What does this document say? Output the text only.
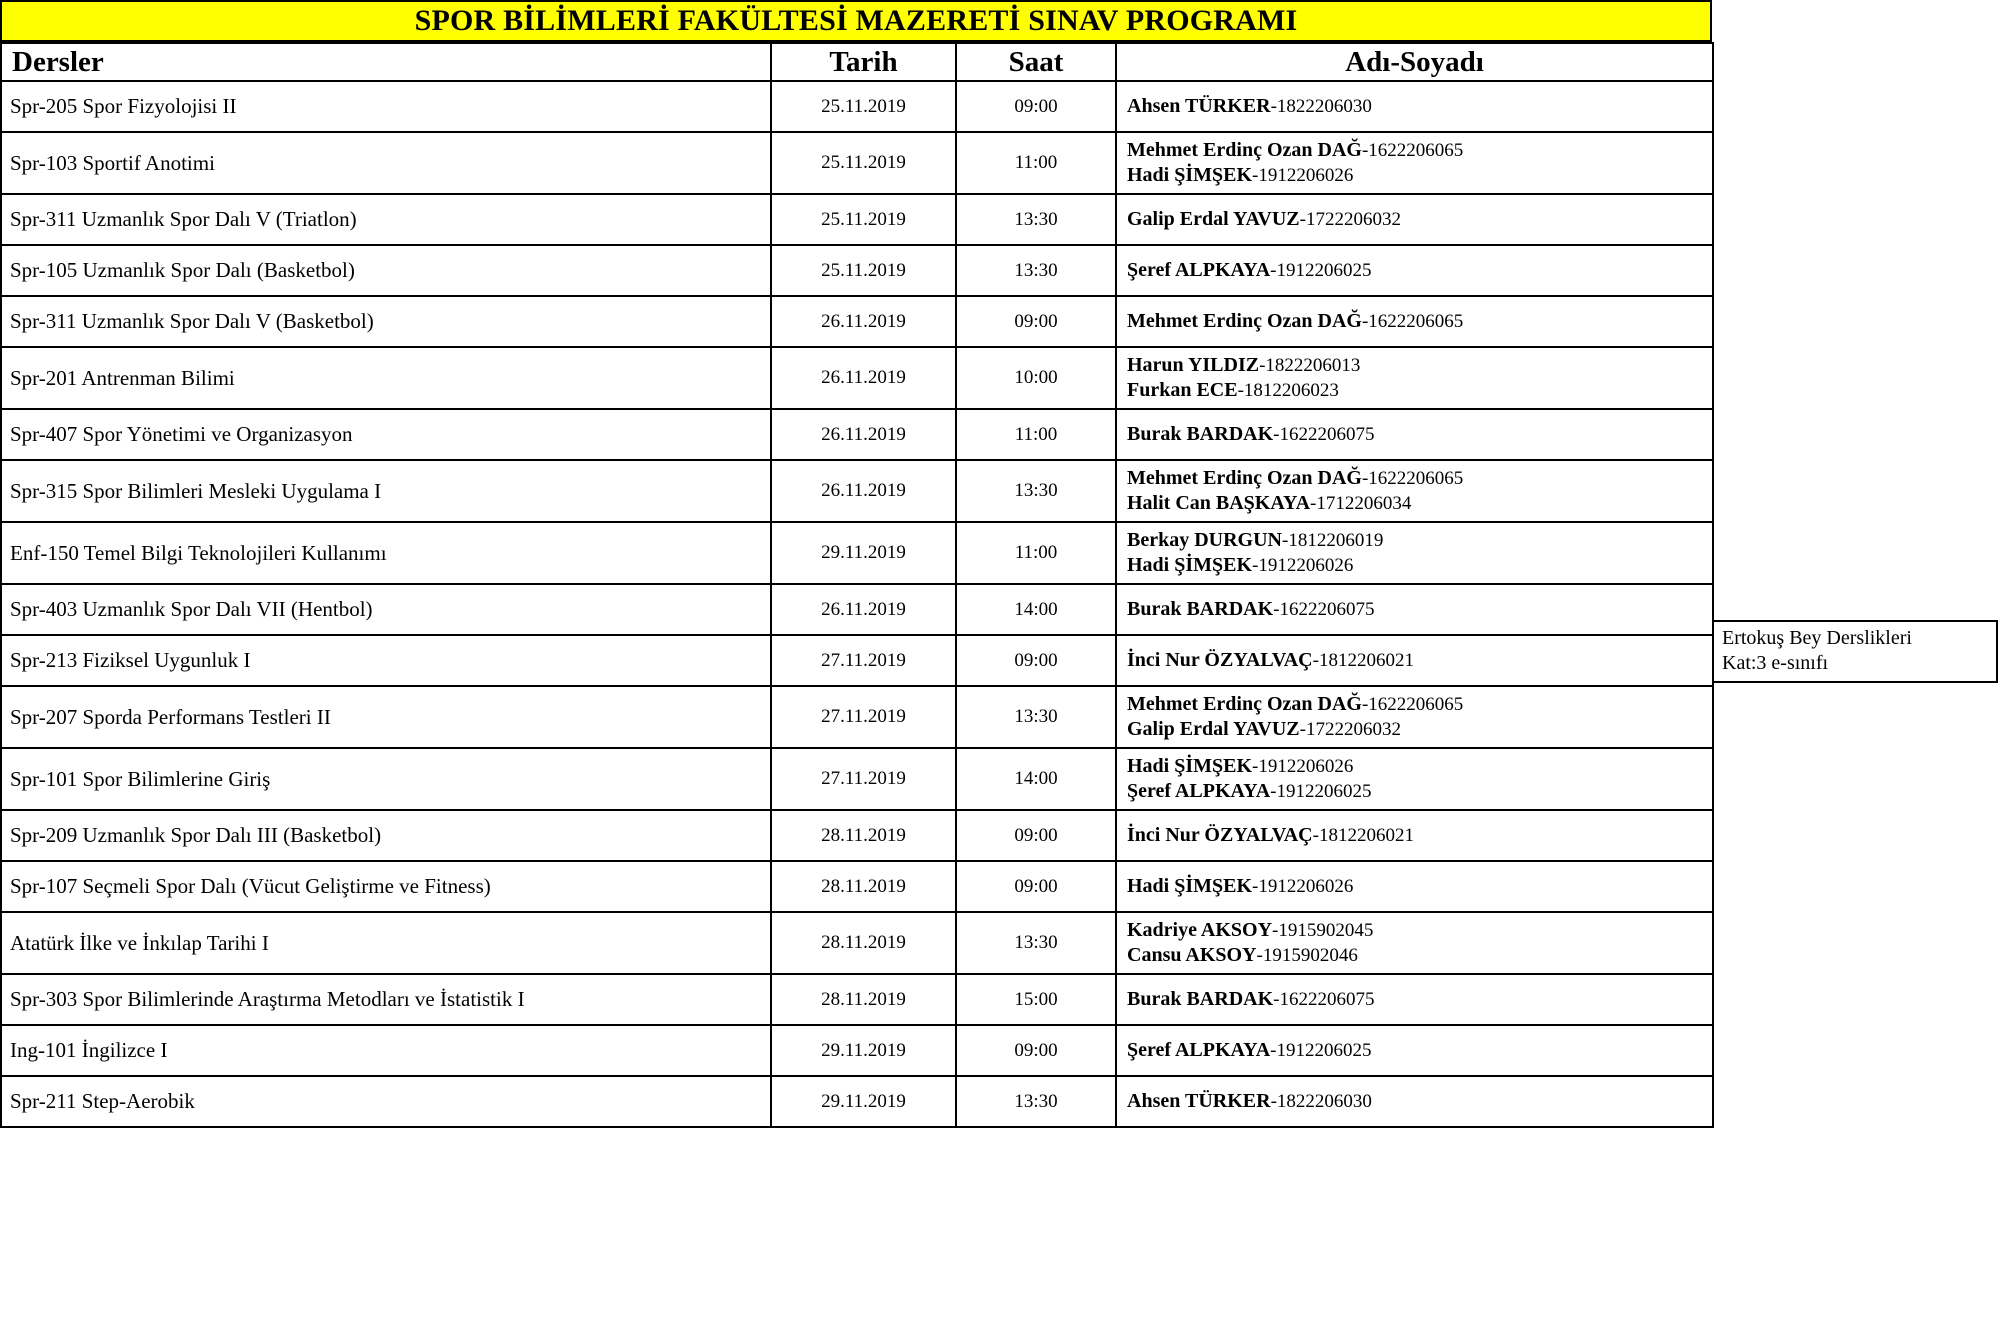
SPOR BİLİMLERİ FAKÜLTESİ MAZERETİ SINAV PROGRAMI
Dersler	Tarih	Saat	Adı-Soyadı
Spr-205 Spor Fizyolojisi II	25.11.2019	09:00	Ahsen TÜRKER-1822206030

Spr-103 Sportif Anotimi	25.11.2019	11:00	Mehmet Erdinç Ozan DAĞ-1622206065
Hadi ŞİMŞEK-1912206026

Spr-311 Uzmanlık Spor Dalı V (Triatlon)	25.11.2019	13:30	Galip Erdal YAVUZ-1722206032

Spr-105 Uzmanlık Spor Dalı (Basketbol)	25.11.2019	13:30	Şeref ALPKAYA-1912206025

Spr-311 Uzmanlık Spor Dalı V (Basketbol)	26.11.2019	09:00	Mehmet Erdinç Ozan DAĞ-1622206065

Spr-201 Antrenman Bilimi	26.11.2019	10:00	Harun YILDIZ-1822206013
Furkan ECE-1812206023

Spr-407 Spor Yönetimi ve Organizasyon	26.11.2019	11:00	Burak BARDAK-1622206075

Spr-315 Spor Bilimleri Mesleki Uygulama I	26.11.2019	13:30	Mehmet Erdinç Ozan DAĞ-1622206065
Halit Can BAŞKAYA-1712206034

Enf-150 Temel Bilgi Teknolojileri Kullanımı	29.11.2019	11:00	Berkay DURGUN-1812206019
Hadi ŞİMŞEK-1912206026

Spr-403 Uzmanlık Spor Dalı VII (Hentbol)	26.11.2019	14:00	Burak BARDAK-1622206075

Spr-213 Fiziksel Uygunluk I	27.11.2019	09:00	İnci Nur ÖZYALVAÇ-1812206021

Spr-207 Sporda Performans Testleri II	27.11.2019	13:30	Mehmet Erdinç Ozan DAĞ-1622206065
Galip Erdal YAVUZ-1722206032

Spr-101 Spor Bilimlerine Giriş	27.11.2019	14:00	Hadi ŞİMŞEK-1912206026
Şeref ALPKAYA-1912206025

Spr-209 Uzmanlık Spor Dalı III (Basketbol)	28.11.2019	09:00	İnci Nur ÖZYALVAÇ-1812206021

Spr-107 Seçmeli Spor Dalı (Vücut Geliştirme ve Fitness)	28.11.2019	09:00	Hadi ŞİMŞEK-1912206026

Atatürk İlke ve İnkılap Tarihi I	28.11.2019	13:30	Kadriye AKSOY-1915902045
Cansu AKSOY-1915902046

Spr-303 Spor Bilimlerinde Araştırma Metodları ve İstatistik I	28.11.2019	15:00	Burak BARDAK-1622206075

Ing-101 İngilizce I	29.11.2019	09:00	Şeref ALPKAYA-1912206025

Spr-211 Step-Aerobik	29.11.2019	13:30	Ahsen TÜRKER-1822206030
Ertokuş Bey Derslikleri
Kat:3 e-sınıfı
